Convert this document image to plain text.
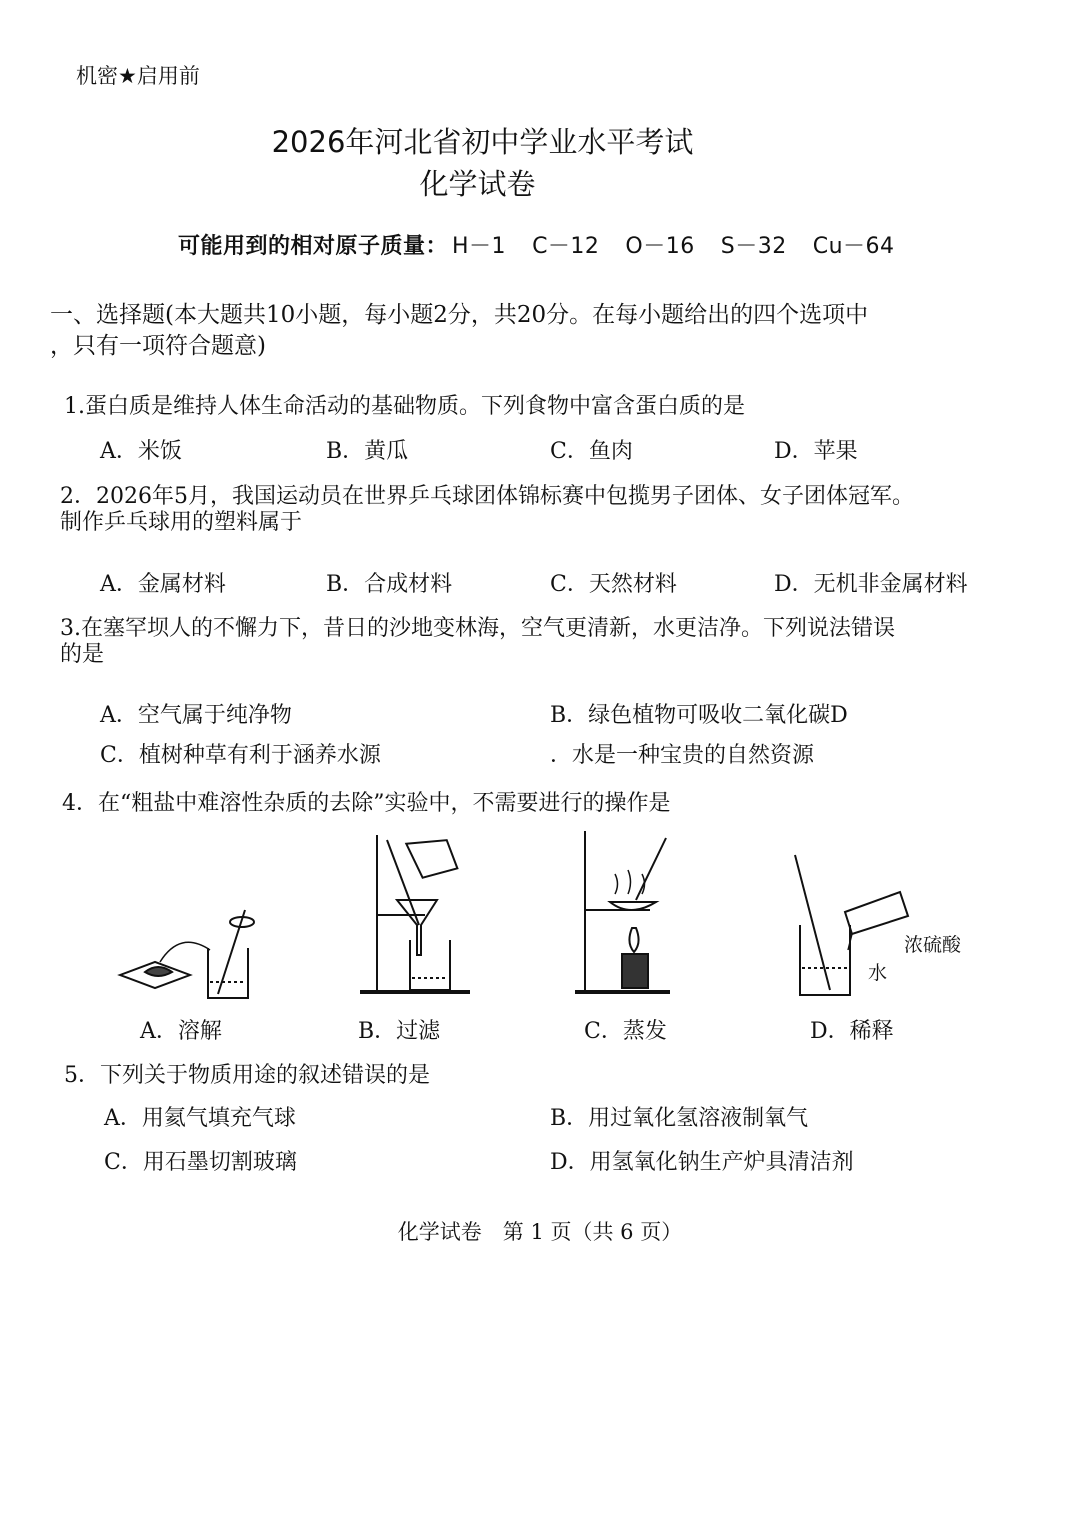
机密★启用前
2026年河北省初中学业水平考试
化学试卷
可能用到的相对原子质量： H－1 C－12 O－16 S－32 Cu－64
一、选择题(本大题共10小题，每小题2分，共20分。在每小题给出的四个选项中
，只有一项符合题意)
1.蛋白质是维持人体生命活动的基础物质。下列食物中富含蛋白质的是
A．米饭	B．黄瓜	C．鱼肉	D．苹果
2．2026年5月，我国运动员在世界乒乓球团体锦标赛中包揽男子团体、女子团体冠军。
制作乒乓球用的塑料属于
A．金属材料	B．合成材料	C．天然材料	D．无机非金属材料
3.在塞罕坝人的不懈力下，昔日的沙地变林海，空气更清新，水更洁净。下列说法错误
的是
A．空气属于纯净物	B．绿色植物可吸收二氧化碳D
C．植树种草有利于涵养水源	．水是一种宝贵的自然资源
4．在“粗盐中难溶性杂质的去除”实验中，不需要进行的操作是
A．溶解	B．过滤	C．蒸发
浓硫酸
水
D．稀释
5．下列关于物质用途的叙述错误的是
A．用氦气填充气球	B．用过氧化氢溶液制氧气
C．用石墨切割玻璃	D．用氢氧化钠生产炉具清洁剂
化学试卷　第 1 页（共 6 页）
